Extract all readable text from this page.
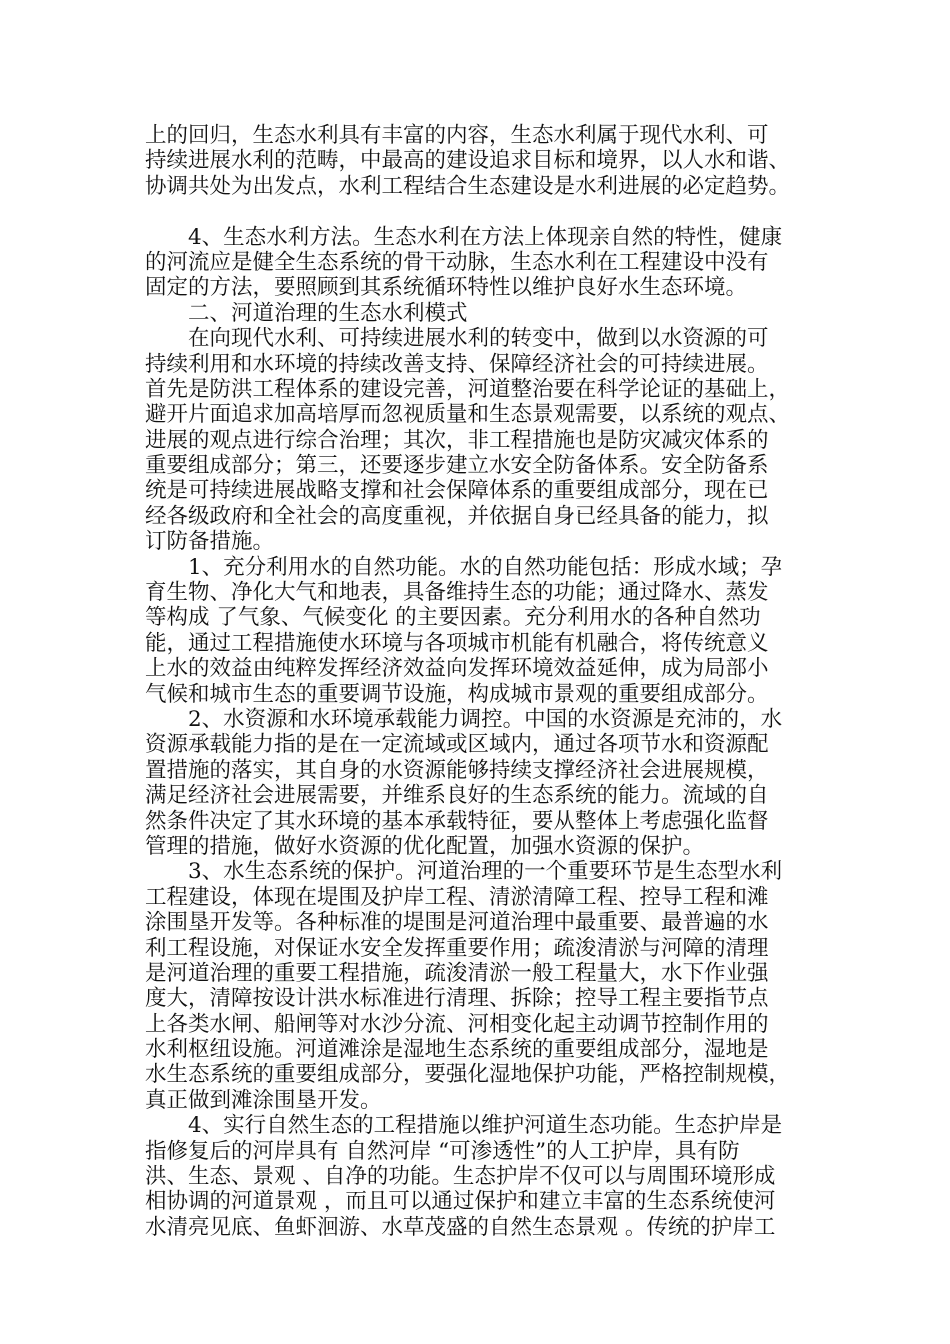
上的回归，生态水利具有丰富的内容，生态水利属于现代水利、可
持续进展水利的范畴，中最高的建设追求目标和境界，以人水和谐、
协调共处为出发点，水利工程结合生态建设是水利进展的必定趋势。
　　4、生态水利方法。生态水利在方法上体现亲自然的特性，健康
的河流应是健全生态系统的骨干动脉，生态水利在工程建设中没有
固定的方法，要照顾到其系统循环特性以维护良好水生态环境。
　　二、河道治理的生态水利模式
　　在向现代水利、可持续进展水利的转变中，做到以水资源的可
持续利用和水环境的持续改善支持、保障经济社会的可持续进展。
首先是防洪工程体系的建设完善，河道整治要在科学论证的基础上，
避开片面追求加高培厚而忽视质量和生态景观需要，以系统的观点、
进展的观点进行综合治理；其次，非工程措施也是防灾减灾体系的
重要组成部分；第三，还要逐步建立水安全防备体系。安全防备系
统是可持续进展战略支撑和社会保障体系的重要组成部分，现在已
经各级政府和全社会的高度重视，并依据自身已经具备的能力，拟
订防备措施。
　　1、充分利用水的自然功能。水的自然功能包括：形成水域；孕
育生物、净化大气和地表，具备维持生态的功能；通过降水、蒸发
等构成 了气象、气候变化 的主要因素。充分利用水的各种自然功
能，通过工程措施使水环境与各项城市机能有机融合，将传统意义
上水的效益由纯粹发挥经济效益向发挥环境效益延伸，成为局部小
气候和城市生态的重要调节设施，构成城市景观的重要组成部分。
　　2、水资源和水环境承载能力调控。中国的水资源是充沛的，水
资源承载能力指的是在一定流域或区域内，通过各项节水和资源配
置措施的落实，其自身的水资源能够持续支撑经济社会进展规模，
满足经济社会进展需要，并维系良好的生态系统的能力。流域的自
然条件决定了其水环境的基本承载特征，要从整体上考虑强化监督
管理的措施，做好水资源的优化配置，加强水资源的保护。
　　3、水生态系统的保护。河道治理的一个重要环节是生态型水利
工程建设，体现在堤围及护岸工程、清淤清障工程、控导工程和滩
涂围垦开发等。各种标准的堤围是河道治理中最重要、最普遍的水
利工程设施，对保证水安全发挥重要作用；疏浚清淤与河障的清理
是河道治理的重要工程措施，疏浚清淤一般工程量大，水下作业强
度大，清障按设计洪水标准进行清理、拆除；控导工程主要指节点
上各类水闸、船闸等对水沙分流、河相变化起主动调节控制作用的
水利枢纽设施。河道滩涂是湿地生态系统的重要组成部分，湿地是
水生态系统的重要组成部分，要强化湿地保护功能，严格控制规模，
真正做到滩涂围垦开发。
　　4、实行自然生态的工程措施以维护河道生态功能。生态护岸是
指修复后的河岸具有 自然河岸 “可渗透性”的人工护岸，具有防
洪、生态、景观 、自净的功能。生态护岸不仅可以与周围环境形成
相协调的河道景观 ，而且可以通过保护和建立丰富的生态系统使河
水清亮见底、鱼虾洄游、水草茂盛的自然生态景观 。传统的护岸工
